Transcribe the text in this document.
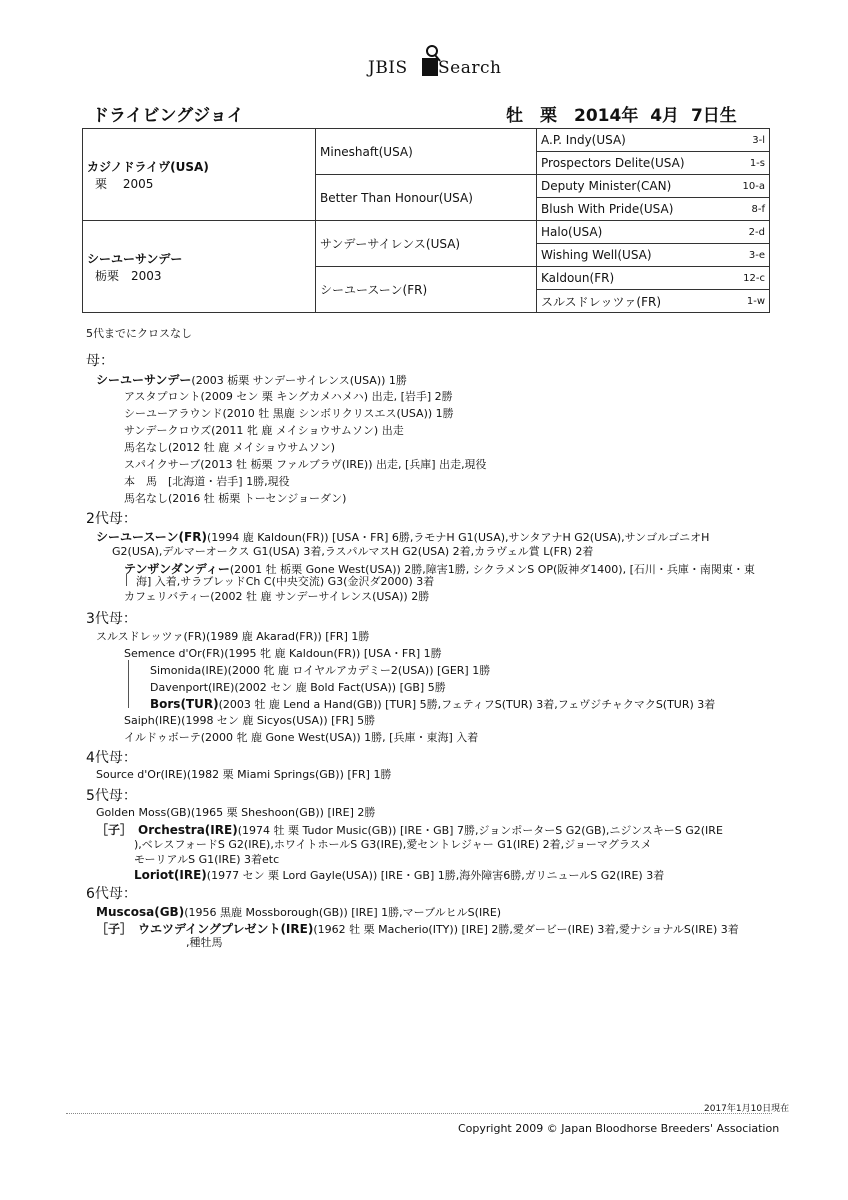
JBIS Search
ドライビングジョイ	牡　栗　2014年 4月 7日生
カジノドライヴ(USA)
栗　 2005	Mineshaft(USA)	A.P. Indy(USA)	3-l
		Prospectors Delite(USA)	1-s
	Better Than Honour(USA)	Deputy Minister(CAN)	10-a
		Blush With Pride(USA)	8-f

シーユーサンデー
栃栗　2003	サンデーサイレンス(USA)	Halo(USA)	2-d
		Wishing Well(USA)	3-e
	シーユースーン(FR)	Kaldoun(FR)	12-c
		スルスドレッツァ(FR)	1-w
5代までにクロスなし
母：
2代母：
3代母：
4代母：
5代母：
6代母：
シーユーサンデー(2003 栃栗 サンデーサイレンス(USA)) 1勝
アスタプロント(2009 セン 栗 キングカメハメハ) 出走, [岩手] 2勝
シーユーアラウンド(2010 牡 黒鹿 シンボリクリスエス(USA)) 1勝
サンデークロウズ(2011 牝 鹿 メイショウサムソン) 出走
馬名なし(2012 牡 鹿 メイショウサムソン)
スパイクサーブ(2013 牡 栃栗 ファルブラヴ(IRE)) 出走, [兵庫] 出走,現役
本　馬　[北海道・岩手] 1勝,現役
馬名なし(2016 牡 栃栗 トーセンジョーダン)
シーユースーン(FR)(1994 鹿 Kaldoun(FR)) [USA・FR] 6勝,ラモナH G1(USA),サンタアナH G2(USA),サンゴルゴニオH
G2(USA),デルマーオークス G1(USA) 3着,ラスパルマスH G2(USA) 2着,カラヴェル賞 L(FR) 2着
テンザンダンディー(2001 牡 栃栗 Gone West(USA)) 2勝,障害1勝, シクラメンS OP(阪神ダ1400), [石川・兵庫・南関東・東
海] 入着,サラブレッドCh C(中央交流) G3(金沢ダ2000) 3着
カフェリバティー(2002 牡 鹿 サンデーサイレンス(USA)) 2勝
スルスドレッツァ(FR)(1989 鹿 Akarad(FR)) [FR] 1勝
Semence d'Or(FR)(1995 牝 鹿 Kaldoun(FR)) [USA・FR] 1勝
Simonida(IRE)(2000 牝 鹿 ロイヤルアカデミー2(USA)) [GER] 1勝
Davenport(IRE)(2002 セン 鹿 Bold Fact(USA)) [GB] 5勝
Bors(TUR)(2003 牡 鹿 Lend a Hand(GB)) [TUR] 5勝,フェティフS(TUR) 3着,フェヴジチャクマクS(TUR) 3着
Saiph(IRE)(1998 セン 鹿 Sicyos(USA)) [FR] 5勝
イルドゥボーテ(2000 牝 鹿 Gone West(USA)) 1勝, [兵庫・東海] 入着
Source d'Or(IRE)(1982 栗 Miami Springs(GB)) [FR] 1勝
Golden Moss(GB)(1965 栗 Sheshoon(GB)) [IRE] 2勝
［子］　Orchestra(IRE)(1974 牡 栗 Tudor Music(GB)) [IRE・GB] 7勝,ジョンポーターS G2(GB),ニジンスキーS G2(IRE
),ベレスフォードS G2(IRE),ホワイトホールS G3(IRE),愛セントレジャー G1(IRE) 2着,ジョーマグラスメ
モーリアルS G1(IRE) 3着etc
Loriot(IRE)(1977 セン 栗 Lord Gayle(USA)) [IRE・GB] 1勝,海外障害6勝,ガリニュールS G2(IRE) 3着
Muscosa(GB)(1956 黒鹿 Mossborough(GB)) [IRE] 1勝,マーブルヒルS(IRE)
［子］　ウエツデイングプレゼント(IRE)(1962 牡 栗 Macherio(ITY)) [IRE] 2勝,愛ダービー(IRE) 3着,愛ナショナルS(IRE) 3着
,種牡馬
2017年1月10日現在
Copyright 2009 © Japan Bloodhorse Breeders' Association
